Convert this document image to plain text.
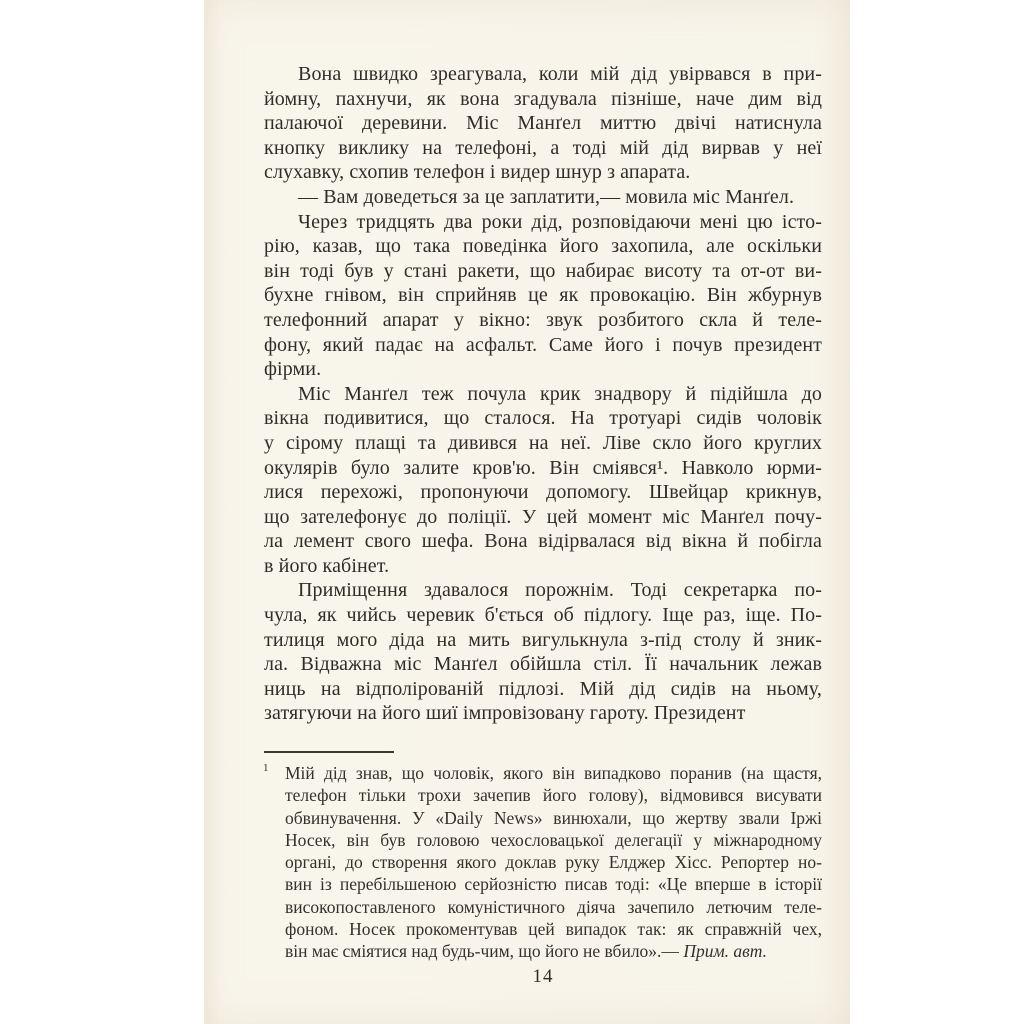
Вона швидко зреагувала, коли мій дід увірвався в при-
йомну, пахнучи, як вона згадувала пізніше, наче дим від
палаючої деревини. Міс Манґел миттю двічі натиснула
кнопку виклику на телефоні, а тоді мій дід вирвав у неї
слухавку, схопив телефон і видер шнур з апарата.
— Вам доведеться за це заплатити,— мовила міс Манґел.
Через тридцять два роки дід, розповідаючи мені цю істо-
рію, казав, що така поведінка його захопила, але оскільки
він тоді був у стані ракети, що набирає висоту та от-от ви-
бухне гнівом, він сприйняв це як провокацію. Він жбурнув
телефонний апарат у вікно: звук розбитого скла й теле-
фону, який падає на асфальт. Саме його і почув президент
фірми.
Міс Манґел теж почула крик знадвору й підійшла до
вікна подивитися, що сталося. На тротуарі сидів чоловік
у сірому плащі та дивився на неї. Ліве скло його круглих
окулярів було залите кров'ю. Він сміявся¹. Навколо юрми-
лися перехожі, пропонуючи допомогу. Швейцар крикнув,
що зателефонує до поліції. У цей момент міс Манґел почу-
ла лемент свого шефа. Вона відірвалася від вікна й побігла
в його кабінет.
Приміщення здавалося порожнім. Тоді секретарка по-
чула, як чийсь черевик б'ється об підлогу. Іще раз, іще. По-
тилиця мого діда на мить вигулькнула з-під столу й зник-
ла. Відважна міс Манґел обійшла стіл. Її начальник лежав
ниць на відполірованій підлозі. Мій дід сидів на ньому,
затягуючи на його шиї імпровізовану гароту. Президент
1 Мій дід знав, що чоловік, якого він випадково поранив (на щастя,
телефон тільки трохи зачепив його голову), відмовився висувати
обвинувачення. У «Daily News» винюхали, що жертву звали Іржі
Носек, він був головою чехословацької делегації у міжнародному
органі, до створення якого доклав руку Елджер Хісс. Репортер но-
вин із перебільшеною серйозністю писав тоді: «Це вперше в історії
високопоставленого комуністичного діяча зачепило летючим теле-
фоном. Носек прокоментував цей випадок так: як справжній чех,
він має сміятися над будь-чим, що його не вбило».— Прим. авт.
14
